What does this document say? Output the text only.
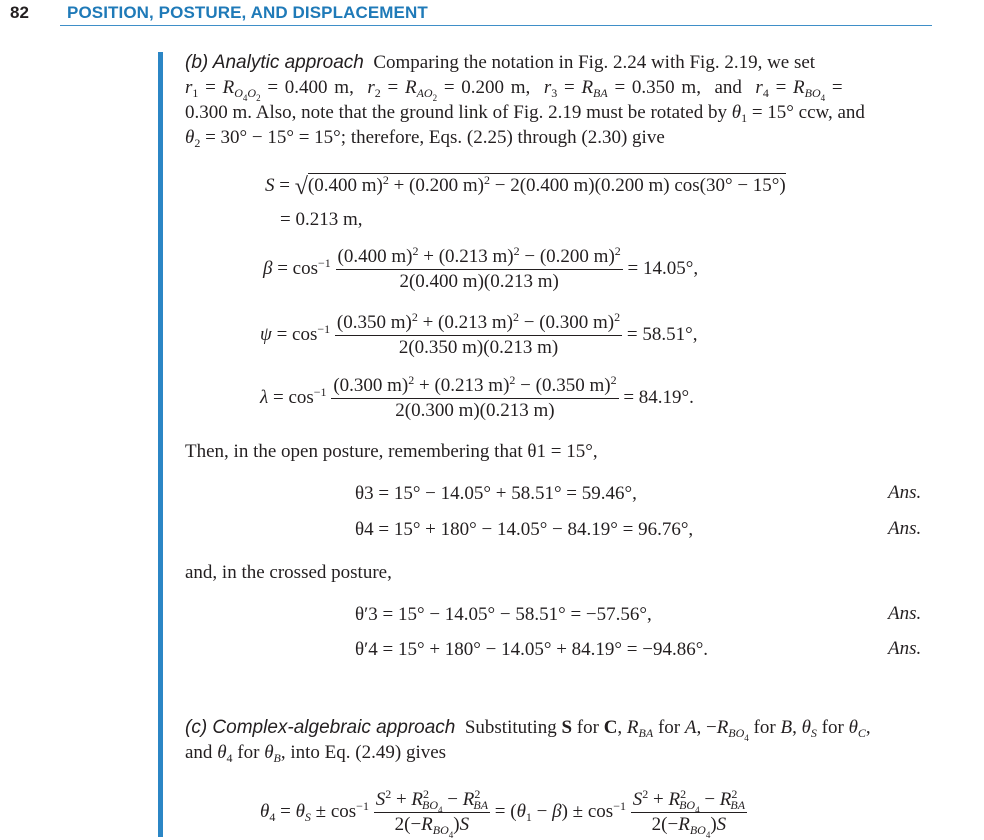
82 POSITION, POSTURE, AND DISPLACEMENT
(b) Analytic approach  Comparing the notation in Fig. 2.24 with Fig. 2.19, we set
$r_1 = R_{O_4O_2} = 0.400$ m,  $r_2 = R_{AO_2} = 0.200$ m,  $r_3 = R_{BA} = 0.350$ m,  and  $r_4 = R_{BO_4}$ =
0.300 m. Also, note that the ground link of Fig. 2.19 must be rotated by $\theta_1 = 15^\circ$ ccw, and
$\theta_2 = 30^\circ - 15^\circ = 15^\circ$; therefore, Eqs. (2.25) through (2.30) give
S = √(0.400 m)$^2$ + (0.200 m)$^2$ − 2(0.400 m)(0.200 m) cos(30° − 15°)
= 0.213 m,
$\beta = \cos^{-1} \frac{(0.400 m)^2 + (0.213 m)^2 - (0.200 m)^2}{2(0.400 m)(0.213 m)} = 14.05^\circ$,
$\psi = \cos^{-1} \frac{(0.350 m)^2 + (0.213 m)^2 - (0.300 m)^2}{2(0.350 m)(0.213 m)} = 58.51^\circ$,
$\lambda = \cos^{-1} \frac{(0.300 m)^2 + (0.213 m)^2 - (0.350 m)^2}{2(0.300 m)(0.213 m)} = 84.19^\circ$.
Then, in the open posture, remembering that θ1 = 15°,
θ3 = 15° − 14.05° + 58.51° = 59.46°,	Ans.
θ4 = 15° + 180° − 14.05° − 84.19° = 96.76°,	Ans.
and, in the crossed posture,
θ′3 = 15° − 14.05° − 58.51° = −57.56°,	Ans.
θ′4 = 15° + 180° − 14.05° + 84.19° = −94.86°.	Ans.
(c) Complex-algebraic approach  Substituting S for C, $R_{BA}$ for A, $-R_{BO_4}$ for B, $\theta_S$ for $\theta_C$,
and $\theta_4$ for $\theta_B$, into Eq. (2.49) gives
$\theta_4 = \theta_S \pm \cos^{-1} \frac{S^2 + R^2_{BO_4} - R^2_{BA}}{2(-R_{BO_4})S} = (\theta_1 - \beta) \pm \cos^{-1} \frac{S^2 + R^2_{BO_4} - R^2_{BA}}{2(-R_{BO_4})S}$
